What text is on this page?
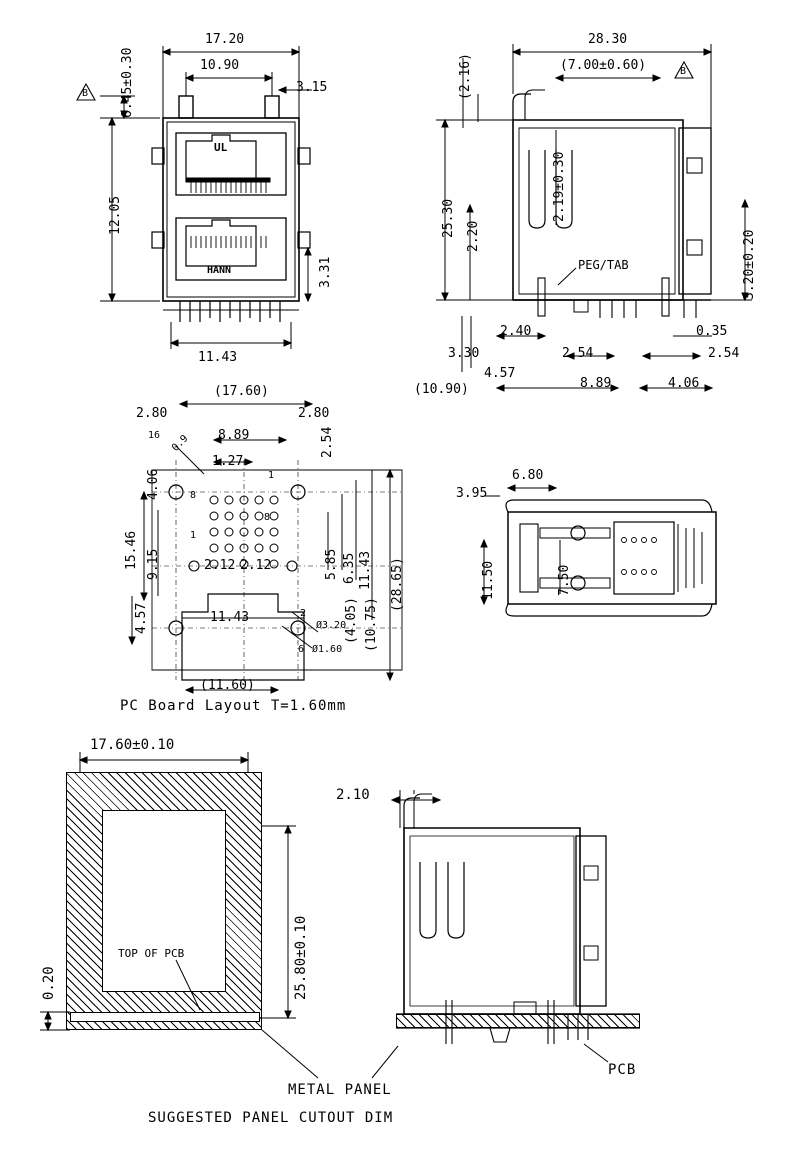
17.20
10.90
3.15
6.45±0.30
12.05
3.31
11.43
B
UL
HANN
28.30
(7.00±0.60)
(2.16)
25.30 2.20
2.19±0.30
3.20±0.20
3.30
2.40	0.35
2.54	2.54
4.57
8.89	4.06
(10.90)
B
PEG/TAB
(17.60)
2.80	2.80
8.89	2.54
1.27
4.06
15.46 9.15
4.57
2.12 2.12	5.85 6.35 11.43 (28.65)
(4.05) (10.75)
11.43
(11.60)
0.9
16
Ø3.20
Ø1.60
2
6
1
8
1
8
PC Board Layout T=1.60mm
6.80
3.95
11.50	7.50
17.60±0.10
25.80±0.10
0.20
TOP OF PCB
METAL PANEL
SUGGESTED PANEL CUTOUT DIM
2.10
PCB
